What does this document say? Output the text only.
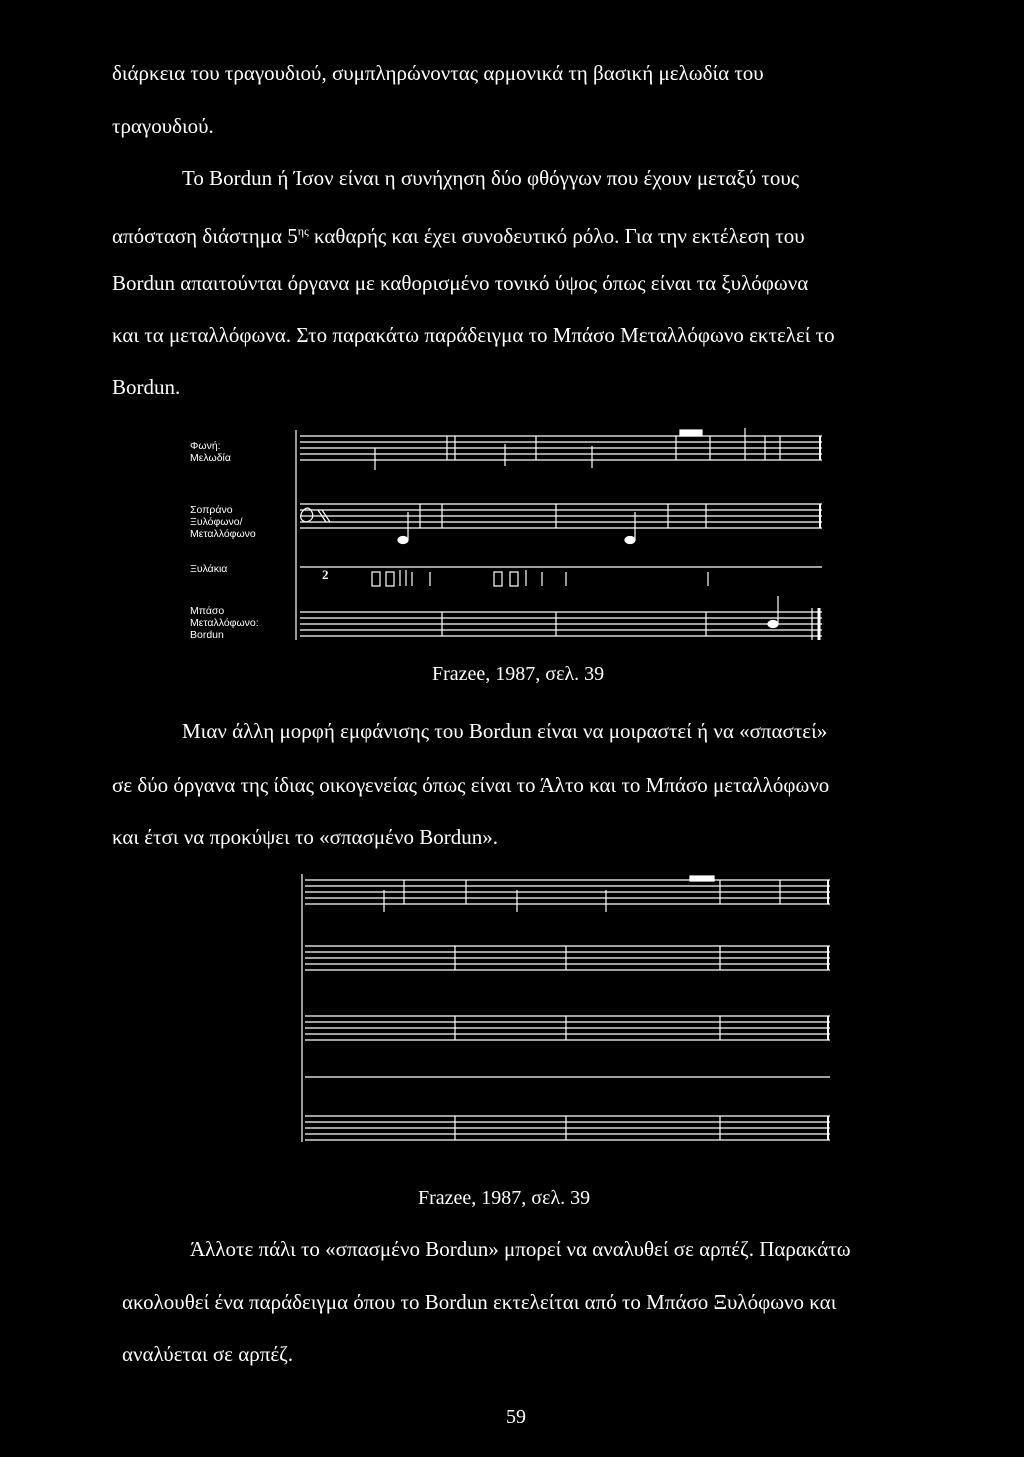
διάρκεια του τραγουδιού, συμπληρώνοντας αρμονικά τη βασική μελωδία του
τραγουδιού.
Το Bordun ή Ίσον είναι η συνήχηση δύο φθόγγων που έχουν μεταξύ τους
απόσταση διάστημα $5^{\eta\varsigma}$ καθαρής και έχει συνοδευτικό ρόλο. Για την εκτέλεση του
Bordun απαιτούνται όργανα με καθορισμένο τονικό ύψος όπως είναι τα ξυλόφωνα
και τα μεταλλόφωνα. Στο παρακάτω παράδειγμα το Μπάσο Μεταλλόφωνο εκτελεί το
Bordun.
Φωνή:
Μελωδία
Σοπράνο
Ξυλόφωνο/
Μεταλλόφωνο
Ξυλάκια
Μπάσο
Μεταλλόφωνο:
Bordun
2
Frazee, 1987, σελ. 39
Μιαν άλλη μορφή εμφάνισης του Bordun είναι να μοιραστεί ή να «σπαστεί»
σε δύο όργανα της ίδιας οικογενείας όπως είναι το Άλτο και το Μπάσο μεταλλόφωνο
και έτσι να προκύψει το «σπασμένο Bordun».
Frazee, 1987, σελ. 39
Άλλοτε πάλι το «σπασμένο Bordun» μπορεί να αναλυθεί σε αρπέζ. Παρακάτω
ακολουθεί ένα παράδειγμα όπου το Bordun εκτελείται από το Μπάσο Ξυλόφωνο και
αναλύεται σε αρπέζ.
59
